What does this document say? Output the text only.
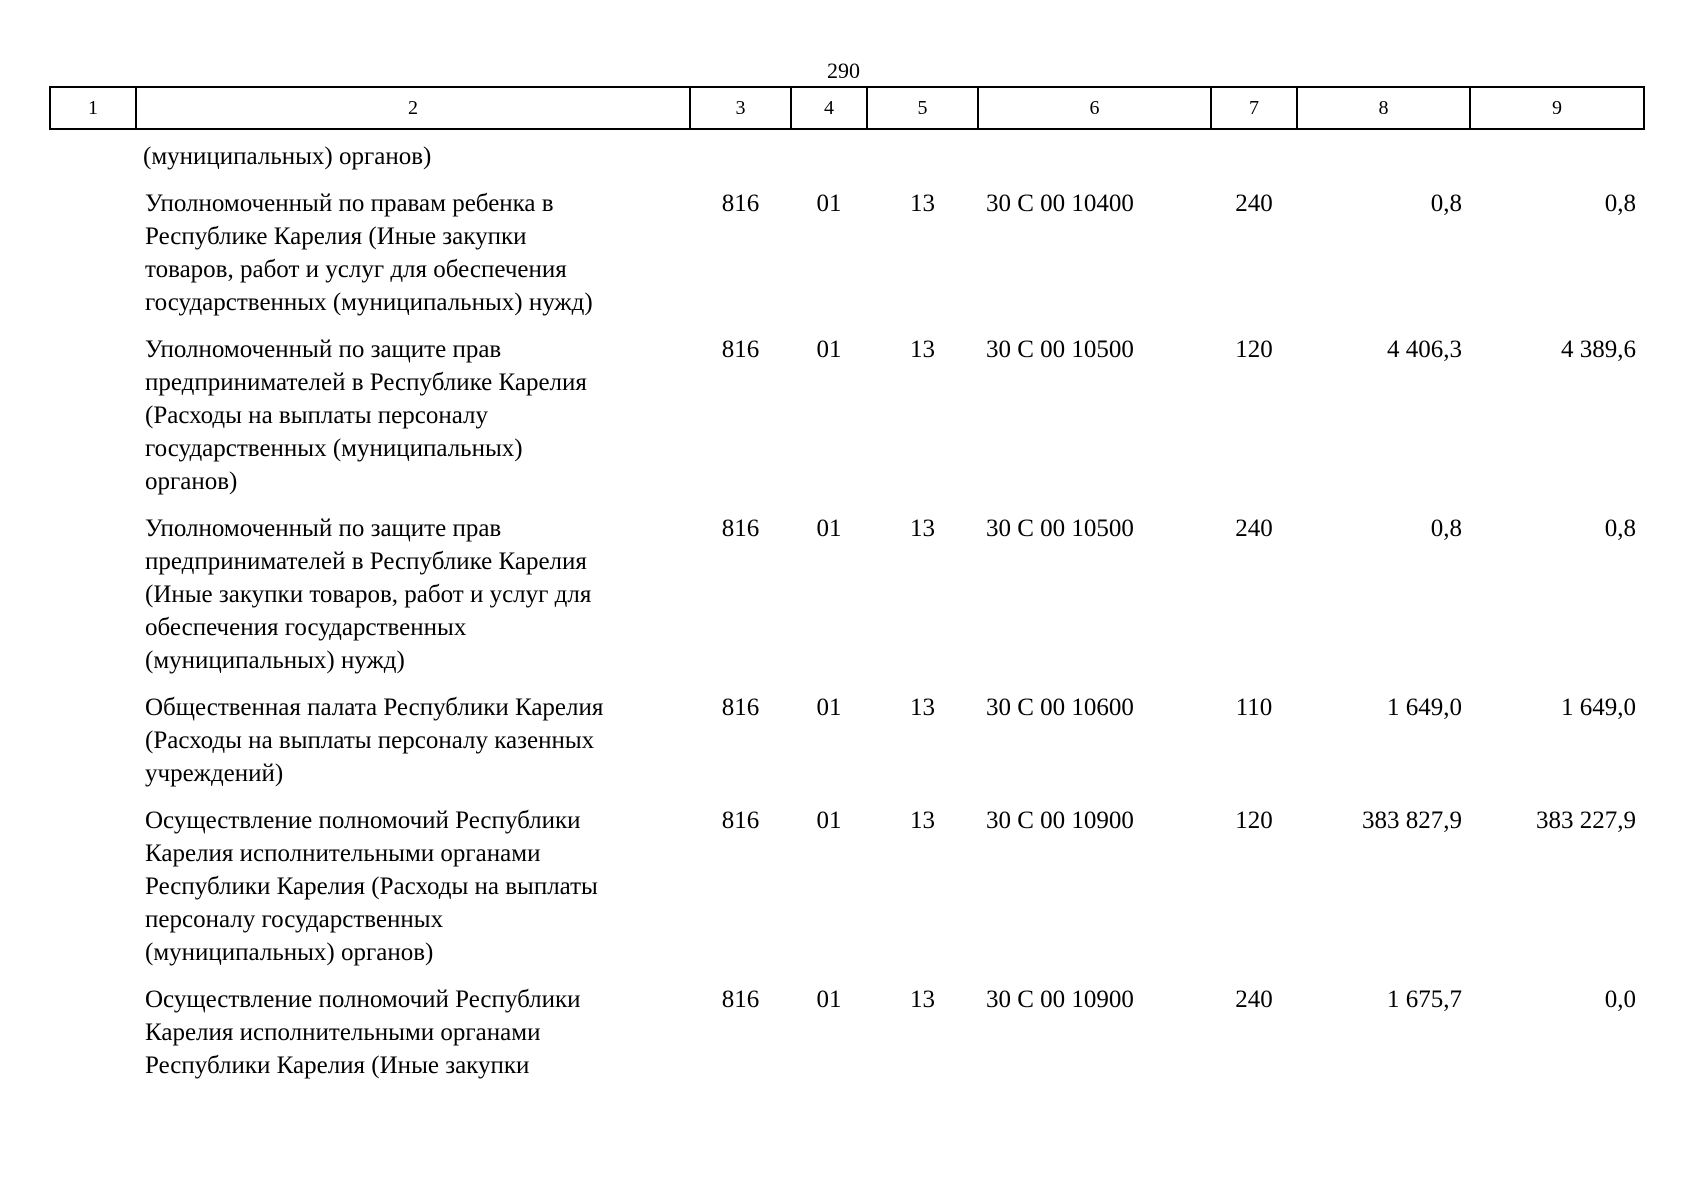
290
1	2	3	4	5	6	7	8	9
(муниципальных) органов)								

	Уполномоченный по правам ребенка в
Республике Карелия (Иные закупки
товаров, работ и услуг для обеспечения
государственных (муниципальных) нужд)	816	01	13	30 С 00 10400	240	0,8	0,8

	Уполномоченный по защите прав
предпринимателей в Республике Карелия
(Расходы на выплаты персоналу
государственных (муниципальных)
органов)	816	01	13	30 С 00 10500	120	4 406,3	4 389,6

	Уполномоченный по защите прав
предпринимателей в Республике Карелия
(Иные закупки товаров, работ и услуг для
обеспечения государственных
(муниципальных) нужд)	816	01	13	30 С 00 10500	240	0,8	0,8

	Общественная палата Республики Карелия
(Расходы на выплаты персоналу казенных
учреждений)	816	01	13	30 С 00 10600	110	1 649,0	1 649,0

	Осуществление полномочий Республики
Карелия исполнительными органами
Республики Карелия (Расходы на выплаты
персоналу государственных
(муниципальных) органов)	816	01	13	30 С 00 10900	120	383 827,9	383 227,9

	Осуществление полномочий Республики
Карелия исполнительными органами
Республики Карелия (Иные закупки	816	01	13	30 С 00 10900	240	1 675,7	0,0
